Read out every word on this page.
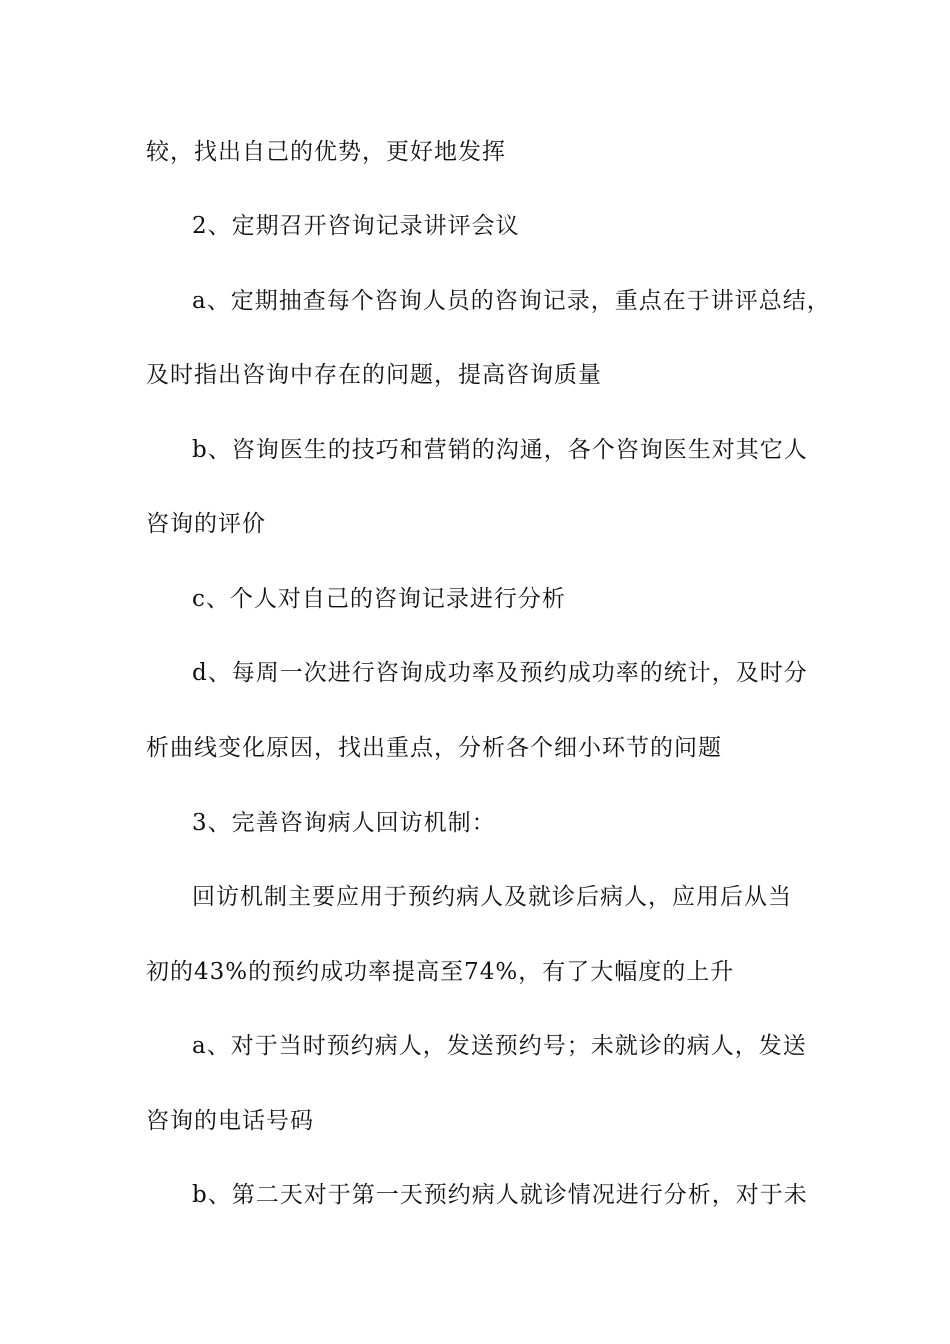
较，找出自己的优势，更好地发挥
2、定期召开咨询记录讲评会议
a、定期抽查每个咨询人员的咨询记录，重点在于讲评总结，
及时指出咨询中存在的问题，提高咨询质量
b、咨询医生的技巧和营销的沟通，各个咨询医生对其它人
咨询的评价
c、个人对自己的咨询记录进行分析
d、每周一次进行咨询成功率及预约成功率的统计，及时分
析曲线变化原因，找出重点，分析各个细小环节的问题
3、完善咨询病人回访机制：
回访机制主要应用于预约病人及就诊后病人，应用后从当
初的43%的预约成功率提高至74%，有了大幅度的上升
a、对于当时预约病人，发送预约号；未就诊的病人，发送
咨询的电话号码
b、第二天对于第一天预约病人就诊情况进行分析，对于未
